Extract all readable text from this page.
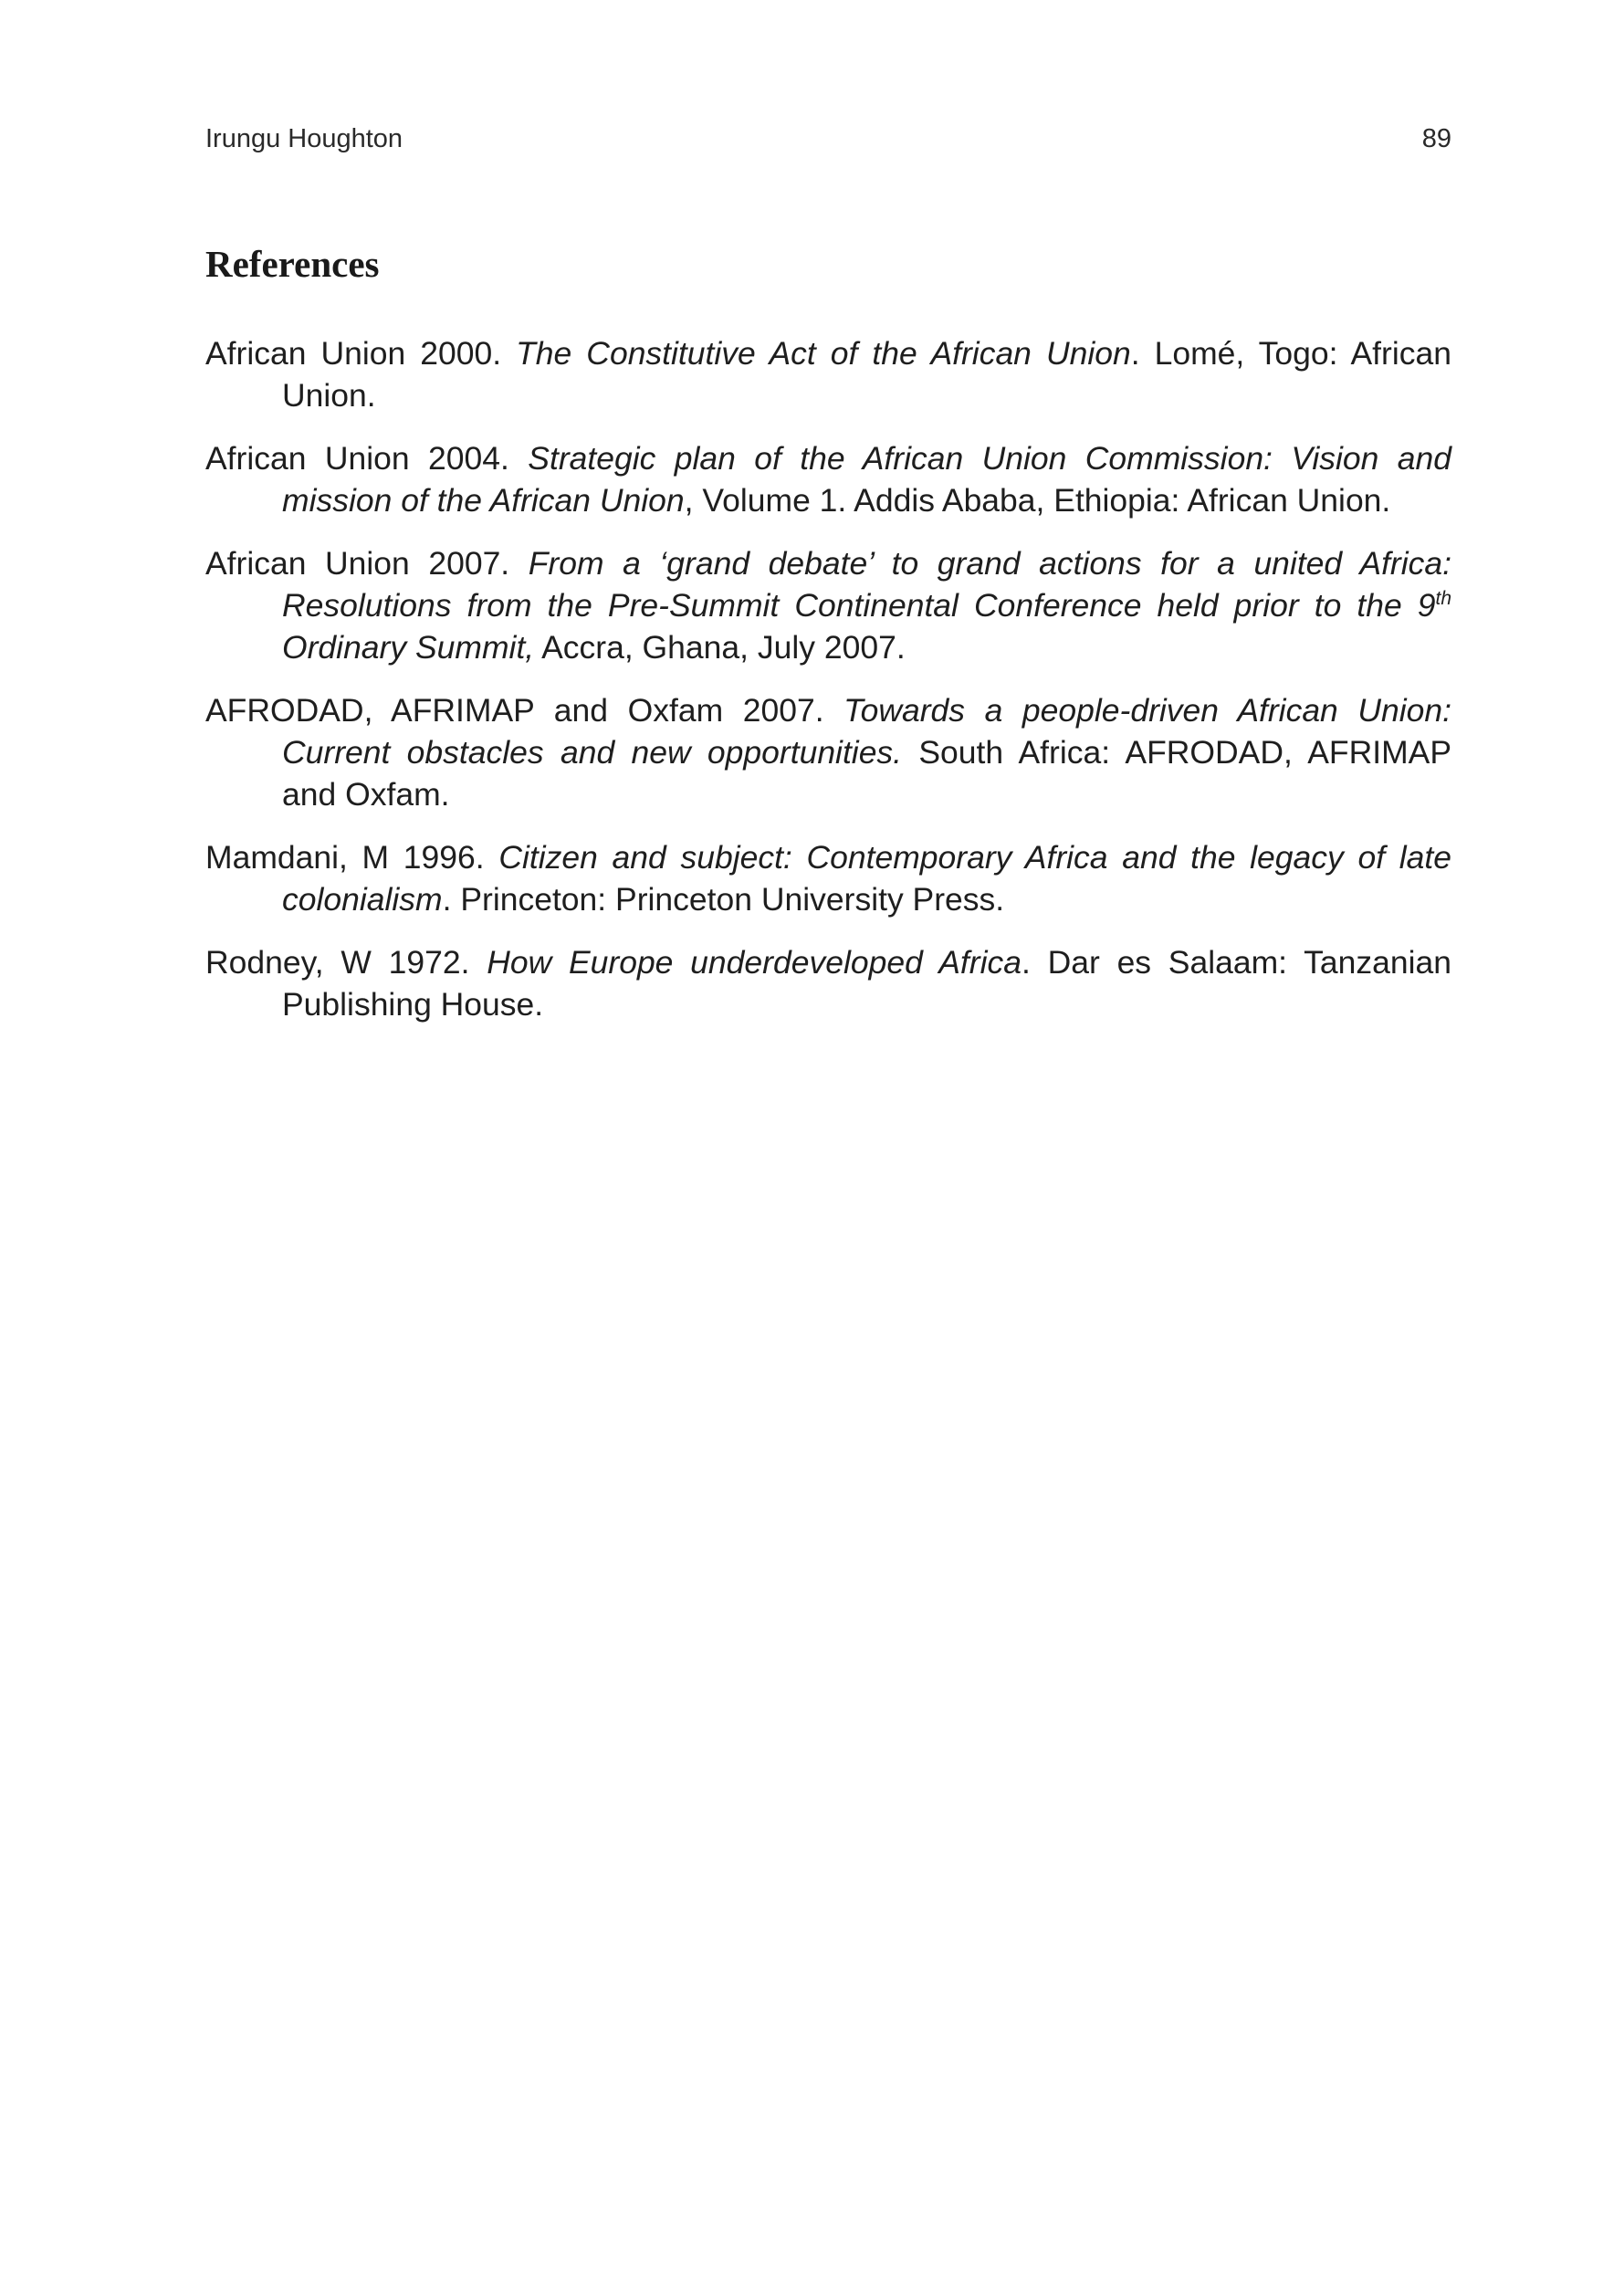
Irungu Houghton	89
References
African Union 2000. The Constitutive Act of the African Union. Lomé, Togo: African Union.
African Union 2004. Strategic plan of the African Union Commission: Vision and mission of the African Union, Volume 1. Addis Ababa, Ethiopia: African Union.
African Union 2007. From a ‘grand debate’ to grand actions for a united Africa: Resolutions from the Pre-Summit Continental Conference held prior to the 9th Ordinary Summit, Accra, Ghana, July 2007.
AFRODAD, AFRIMAP and Oxfam 2007. Towards a people-driven African Union: Current obstacles and new opportunities. South Africa: AFRODAD, AFRIMAP and Oxfam.
Mamdani, M 1996. Citizen and subject: Contemporary Africa and the legacy of late colonialism. Princeton: Princeton University Press.
Rodney, W 1972. How Europe underdeveloped Africa. Dar es Salaam: Tanzanian Publishing House.
